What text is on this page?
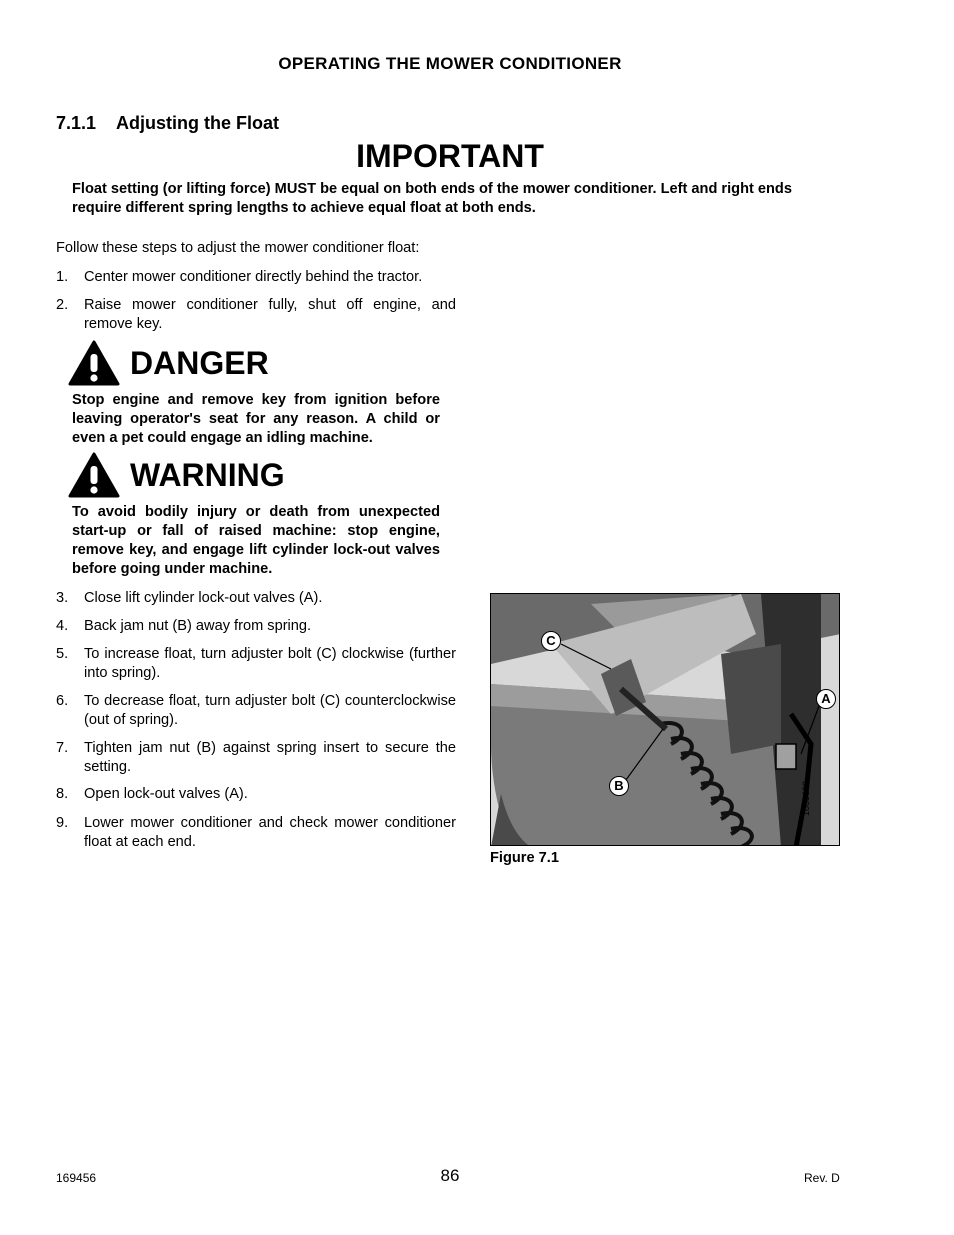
OPERATING THE MOWER CONDITIONER
7.1.1 Adjusting the Float
IMPORTANT
Float setting (or lifting force) MUST be equal on both ends of the mower conditioner. Left and right ends require different spring lengths to achieve equal float at both ends.
Follow these steps to adjust the mower conditioner float:
1.	Center mower conditioner directly behind the tractor.
2.	Raise mower conditioner fully, shut off engine, and remove key.
DANGER
Stop engine and remove key from ignition before leaving operator's seat for any reason. A child or even a pet could engage an idling machine.
WARNING
To avoid bodily injury or death from unexpected start-up or fall of raised machine: stop engine, remove key, and engage lift cylinder lock-out valves before going under machine.
3.	Close lift cylinder lock-out valves (A).
4.	Back jam nut (B) away from spring.
5.	To increase float, turn adjuster bolt (C) clockwise (further into spring).
6.	To decrease float, turn adjuster bolt (C) counterclockwise (out of spring).
7.	Tighten jam nut (B) against spring insert to secure the setting.
8.	Open lock-out valves (A).
9.	Lower mower conditioner and check mower conditioner float at each end.
C
B
A
1003600
Figure 7.1
169456	86	Rev. D
